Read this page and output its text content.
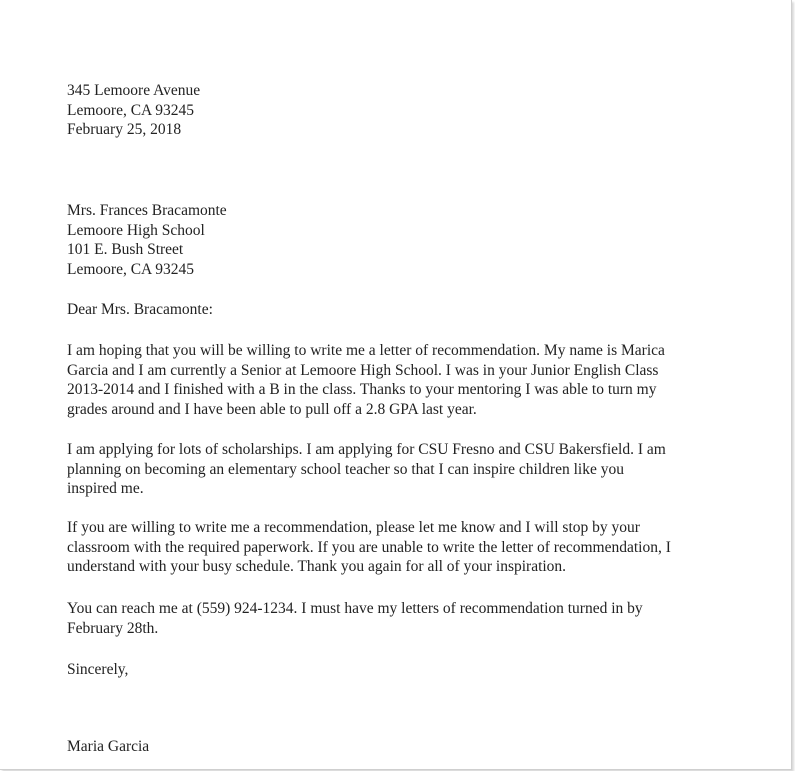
345 Lemoore Avenue
Lemoore, CA 93245
February 25, 2018
Mrs. Frances Bracamonte
Lemoore High School
101 E. Bush Street
Lemoore, CA 93245
Dear Mrs. Bracamonte:
I am hoping that you will be willing to write me a letter of recommendation. My name is Marica
Garcia and I am currently a Senior at Lemoore High School. I was in your Junior English Class
2013-2014 and I finished with a B in the class. Thanks to your mentoring I was able to turn my
grades around and I have been able to pull off a 2.8 GPA last year.
I am applying for lots of scholarships. I am applying for CSU Fresno and CSU Bakersfield. I am
planning on becoming an elementary school teacher so that I can inspire children like you
inspired me.
If you are willing to write me a recommendation, please let me know and I will stop by your
classroom with the required paperwork. If you are unable to write the letter of recommendation, I
understand with your busy schedule. Thank you again for all of your inspiration.
You can reach me at (559) 924-1234. I must have my letters of recommendation turned in by
February 28th.
Sincerely,
Maria Garcia
